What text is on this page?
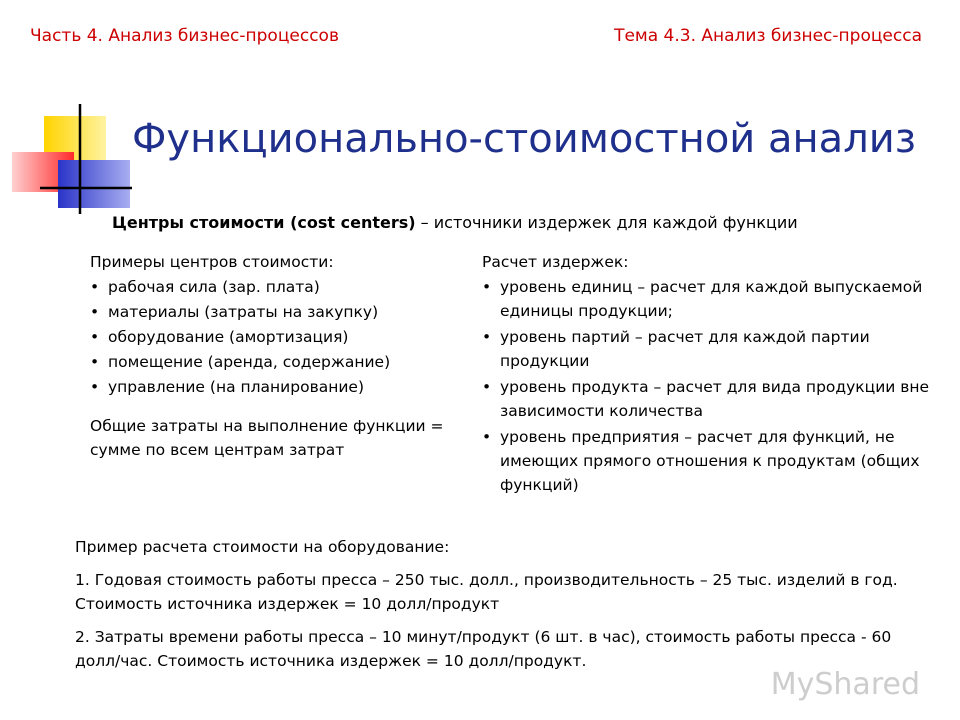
Часть 4. Анализ бизнес-процессов	Тема 4.3. Анализ бизнес-процесса
Функционально-стоимостной анализ
Центры стоимости (cost centers) – источники издержек для каждой функции
Примеры центров стоимости:
• рабочая сила (зар. плата)
• материалы (затраты на закупку)
• оборудование (амортизация)
• помещение (аренда, содержание)
• управление (на планирование)
Общие затраты на выполнение функции = сумме по всем центрам затрат
Расчет издержек:
• уровень единиц – расчет для каждой выпускаемой единицы продукции;
• уровень партий – расчет для каждой партии продукции
• уровень продукта – расчет для вида продукции вне зависимости количества
• уровень предприятия – расчет для функций, не имеющих прямого отношения к продуктам (общих функций)

Пример расчета стоимости на оборудование:

1. Годовая стоимость работы пресса – 250 тыс. долл., производительность – 25 тыс. изделий в год. Стоимость источника издержек = 10 долл/продукт

2. Затраты времени работы пресса – 10 минут/продукт (6 шт. в час), стоимость работы пресса - 60 долл/час. Стоимость источника издержек = 10 долл/продукт.

MyShared
